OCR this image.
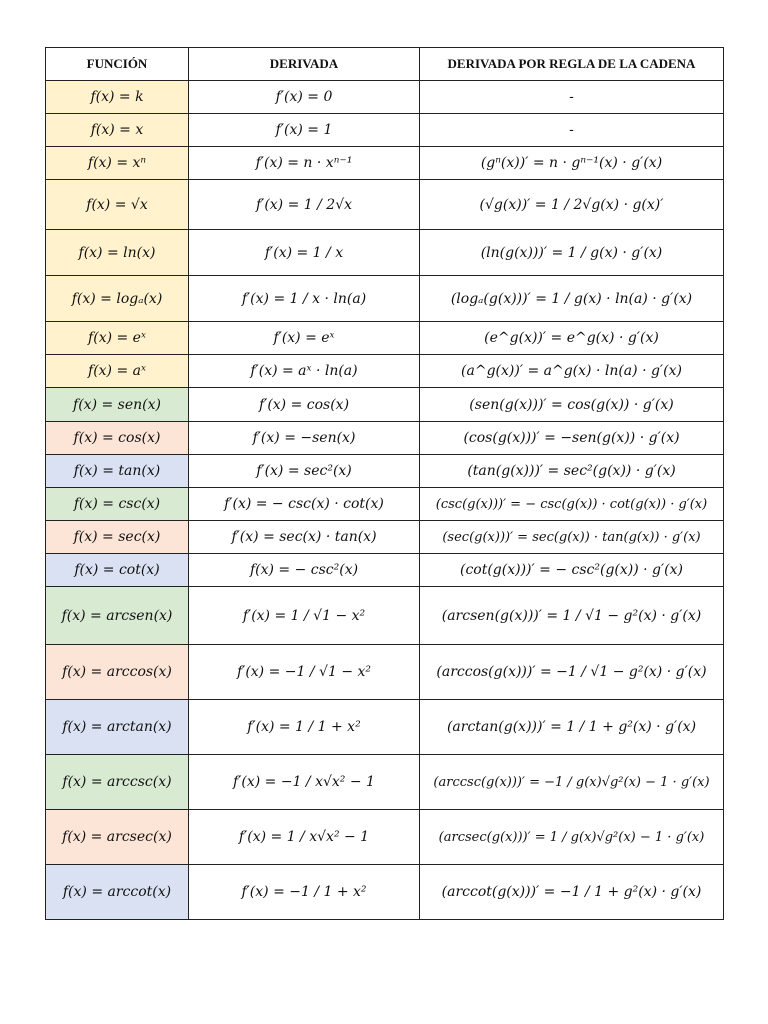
FUNCIÓN	DERIVADA	DERIVADA POR REGLA DE LA CADENA
f(x) = k	f′(x) = 0	-
f(x) = x	f′(x) = 1	-
f(x) = xⁿ	f′(x) = n · xⁿ⁻¹	(gⁿ(x))′ = n · gⁿ⁻¹(x) · g′(x)
f(x) = √x	f′(x) = 1 / 2√x	(√g(x))′ = 1 / 2√g(x) · g(x)′
f(x) = ln(x)	f′(x) = 1 / x	(ln(g(x)))′ = 1 / g(x) · g′(x)
f(x) = logₐ(x)	f′(x) = 1 / x · ln(a)	(logₐ(g(x)))′ = 1 / g(x) · ln(a) · g′(x)
f(x) = eˣ	f′(x) = eˣ	(e^g(x))′ = e^g(x) · g′(x)
f(x) = aˣ	f′(x) = aˣ · ln(a)	(a^g(x))′ = a^g(x) · ln(a) · g′(x)
f(x) = sen(x)	f′(x) = cos(x)	(sen(g(x)))′ = cos(g(x)) · g′(x)
f(x) = cos(x)	f′(x) = −sen(x)	(cos(g(x)))′ = −sen(g(x)) · g′(x)
f(x) = tan(x)	f′(x) = sec²(x)	(tan(g(x)))′ = sec²(g(x)) · g′(x)
f(x) = csc(x)	f′(x) = − csc(x) · cot(x)	(csc(g(x)))′ = − csc(g(x)) · cot(g(x)) · g′(x)
f(x) = sec(x)	f′(x) = sec(x) · tan(x)	(sec(g(x)))′ = sec(g(x)) · tan(g(x)) · g′(x)
f(x) = cot(x)	f(x) = − csc²(x)	(cot(g(x)))′ = − csc²(g(x)) · g′(x)
f(x) = arcsen(x)	f′(x) = 1 / √1 − x²	(arcsen(g(x)))′ = 1 / √1 − g²(x) · g′(x)
f(x) = arccos(x)	f′(x) = −1 / √1 − x²	(arccos(g(x)))′ = −1 / √1 − g²(x) · g′(x)
f(x) = arctan(x)	f′(x) = 1 / 1 + x²	(arctan(g(x)))′ = 1 / 1 + g²(x) · g′(x)
f(x) = arccsc(x)	f′(x) = −1 / x√x² − 1	(arccsc(g(x)))′ = −1 / g(x)√g²(x) − 1 · g′(x)
f(x) = arcsec(x)	f′(x) = 1 / x√x² − 1	(arcsec(g(x)))′ = 1 / g(x)√g²(x) − 1 · g′(x)
f(x) = arccot(x)	f′(x) = −1 / 1 + x²	(arccot(g(x)))′ = −1 / 1 + g²(x) · g′(x)
